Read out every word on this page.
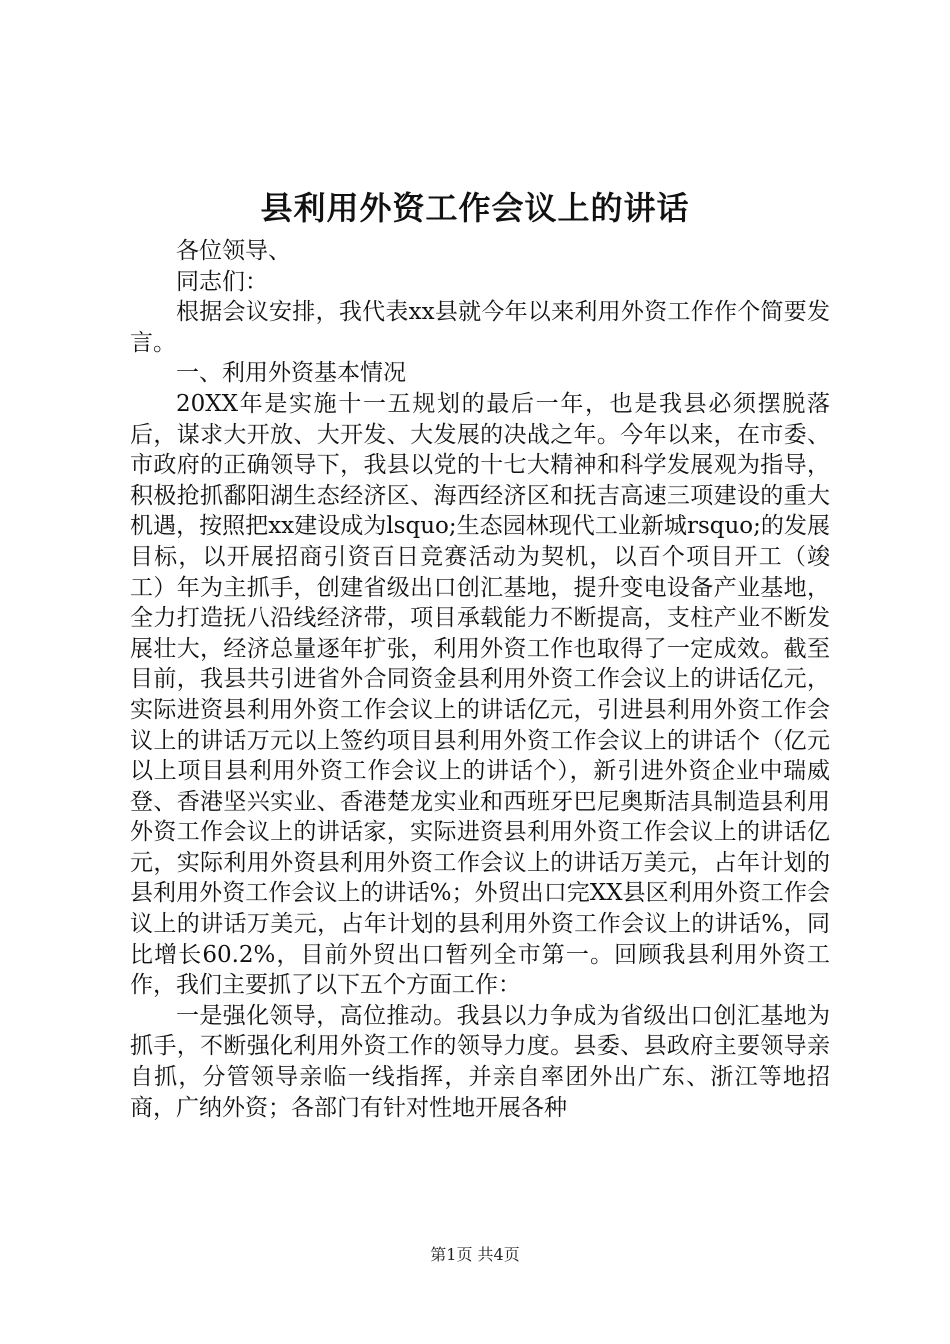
县利用外资工作会议上的讲话

各位领导、

同志们：

根据会议安排，我代表xx县就今年以来利用外资工作作个简要发言。

一、利用外资基本情况

20XX年是实施十一五规划的最后一年，也是我县必须摆脱落后，谋求大开放、大开发、大发展的决战之年。今年以来，在市委、市政府的正确领导下，我县以党的十七大精神和科学发展观为指导，积极抢抓鄱阳湖生态经济区、海西经济区和抚吉高速三项建设的重大机遇，按照把xx建设成为lsquo;生态园林现代工业新城rsquo;的发展目标，以开展招商引资百日竞赛活动为契机，以百个项目开工（竣工）年为主抓手，创建省级出口创汇基地，提升变电设备产业基地，全力打造抚八沿线经济带，项目承载能力不断提高，支柱产业不断发展壮大，经济总量逐年扩张，利用外资工作也取得了一定成效。截至目前，我县共引进省外合同资金县利用外资工作会议上的讲话亿元，实际进资县利用外资工作会议上的讲话亿元，引进县利用外资工作会议上的讲话万元以上签约项目县利用外资工作会议上的讲话个（亿元以上项目县利用外资工作会议上的讲话个），新引进外资企业中瑞威登、香港坚兴实业、香港楚龙实业和西班牙巴尼奥斯洁具制造县利用外资工作会议上的讲话家，实际进资县利用外资工作会议上的讲话亿元，实际利用外资县利用外资工作会议上的讲话万美元，占年计划的县利用外资工作会议上的讲话%；外贸出口完XX县区利用外资工作会议上的讲话万美元，占年计划的县利用外资工作会议上的讲话%，同比增长60.2%，目前外贸出口暂列全市第一。回顾我县利用外资工作，我们主要抓了以下五个方面工作：

一是强化领导，高位推动。我县以力争成为省级出口创汇基地为抓手，不断强化利用外资工作的领导力度。县委、县政府主要领导亲自抓，分管领导亲临一线指挥，并亲自率团外出广东、浙江等地招商，广纳外资；各部门有针对性地开展各种

第1页 共4页
